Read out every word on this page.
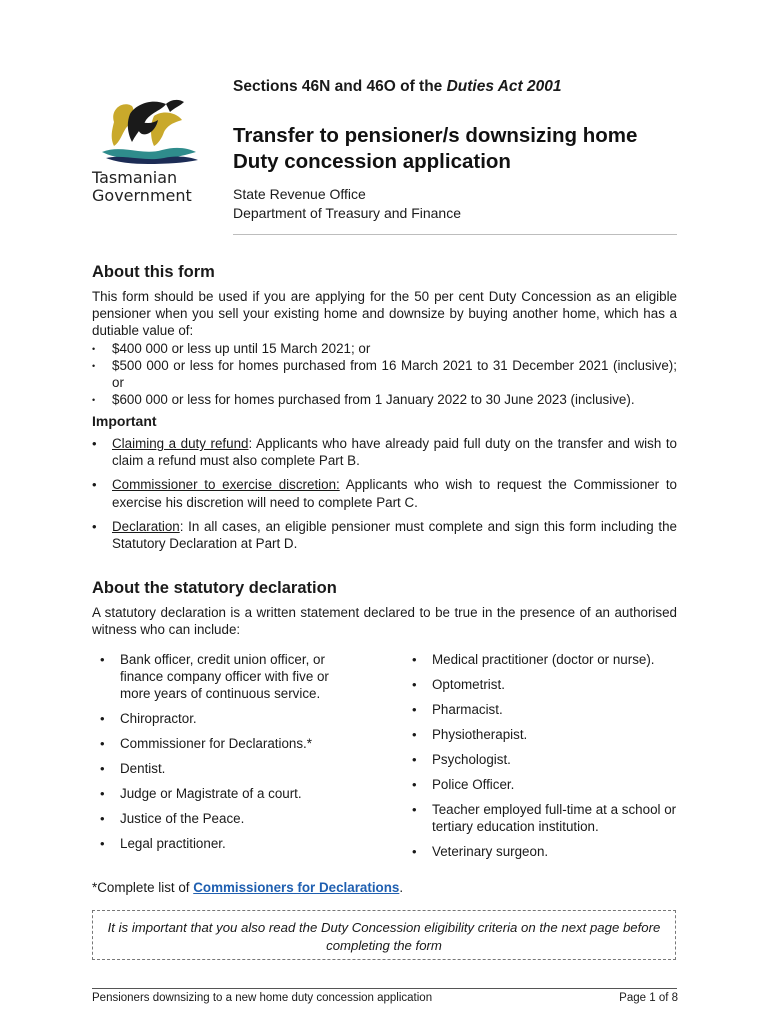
Tasmanian
Government
Sections 46N and 46O of the Duties Act 2001
Transfer to pensioner/s downsizing home
Duty concession application
State Revenue Office
Department of Treasury and Finance
About this form
This form should be used if you are applying for the 50 per cent Duty Concession as an eligible pensioner when you sell your existing home and downsize by buying another home, which has a dutiable value of:
• $400 000 or less up until 15 March 2021; or
• $500 000 or less for homes purchased from 16 March 2021 to 31 December 2021 (inclusive); or
• $600 000 or less for homes purchased from 1 January 2022 to 30 June 2023 (inclusive).
Important
• Claiming a duty refund: Applicants who have already paid full duty on the transfer and wish to claim a refund must also complete Part B.
• Commissioner to exercise discretion: Applicants who wish to request the Commissioner to exercise his discretion will need to complete Part C.
• Declaration: In all cases, an eligible pensioner must complete and sign this form including the Statutory Declaration at Part D.
About the statutory declaration
A statutory declaration is a written statement declared to be true in the presence of an authorised witness who can include:
• Bank officer, credit union officer, or finance company officer with five or more years of continuous service.
• Chiropractor.
• Commissioner for Declarations.*
• Dentist.
• Judge or Magistrate of a court.
• Justice of the Peace.
• Legal practitioner.
• Medical practitioner (doctor or nurse).
• Optometrist.
• Pharmacist.
• Physiotherapist.
• Psychologist.
• Police Officer.
• Teacher employed full-time at a school or tertiary education institution.
• Veterinary surgeon.
*Complete list of Commissioners for Declarations.
It is important that you also read the Duty Concession eligibility criteria on the next page before
completing the form
Pensioners downsizing to a new home duty concession application	Page 1 of 8
